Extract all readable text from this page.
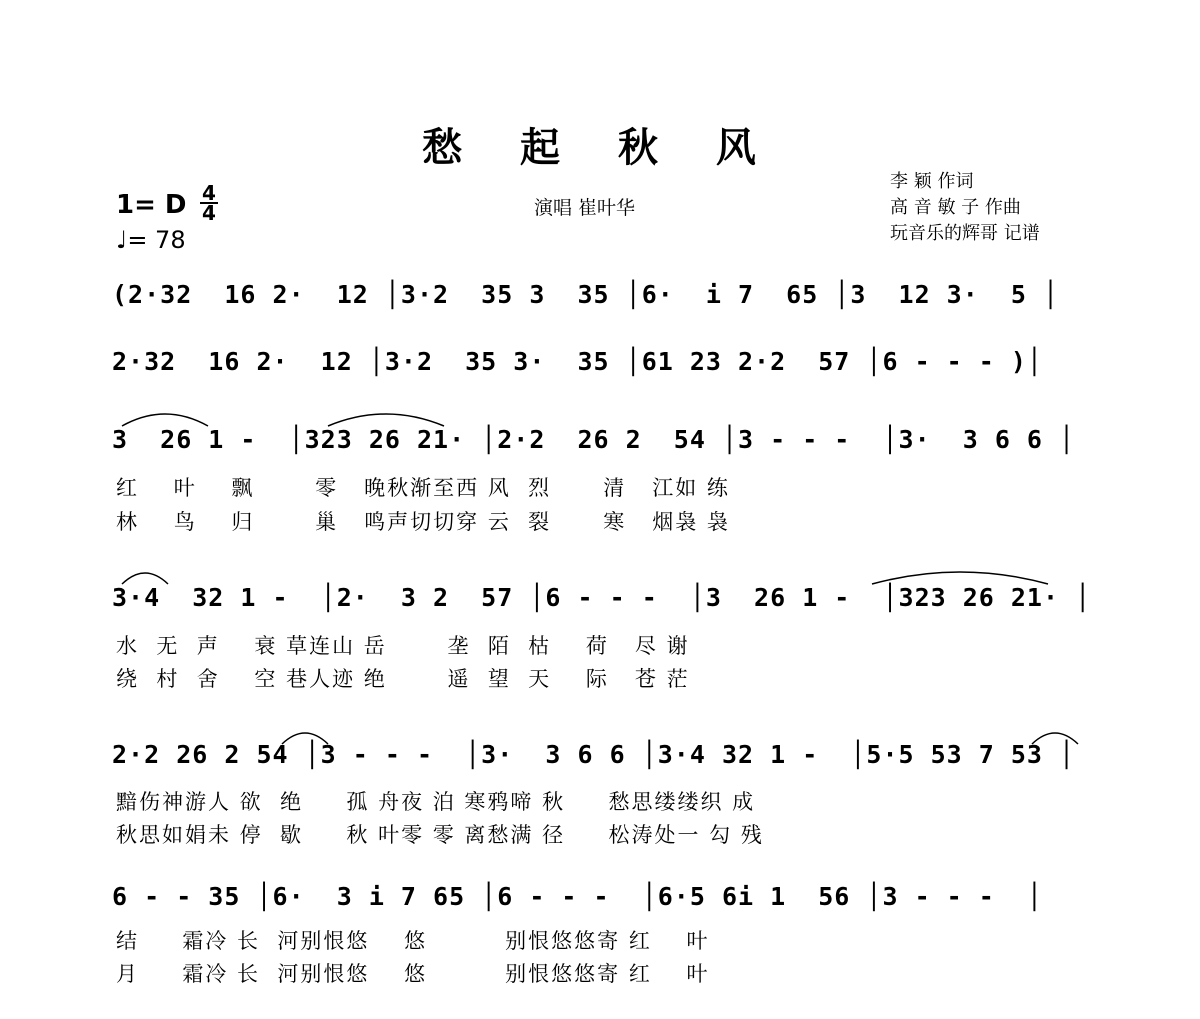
愁 起 秋 风
1= D 4
4
♩= 78
演唱 崔叶华
李 颖 作词
高 音 敏 子 作曲
玩音乐的辉哥 记谱
(2·32  16 2·  12 │3·2  35 3  35 │6·  i 7  65 │3  12 3·  5 │
2·32  16 2·  12 │3·2  35 3·  35 │61 23 2·2  57 │6 - - - )│
3  26 1 -  │323 26 21· │2·2  26 2  54 │3 - - -  │3·  3 6 6 │
红    叶    飘       零   晚秋渐至西 风  烈      清   江如 练
林    鸟    归       巢   鸣声切切穿 云  裂      寒   烟袅 袅
3·4  32 1 -  │2·  3 2  57 │6 - - -  │3  26 1 -  │323 26 21· │
水  无  声    衰 草连山 岳       垄  陌  枯    荷   尽 谢
绕  村  舍    空 巷人迹 绝       遥  望  天    际   苍 茫
2·2 26 2 54 │3 - - -  │3·  3 6 6 │3·4 32 1 -  │5·5 53 7 53 │
黯伤神游人 欲  绝     孤 舟夜 泊 寒鸦啼 秋     愁思缕缕织 成
秋思如娟未 停  歇     秋 叶零 零 离愁满 径     松涛处一 勾 残
6 - - 35 │6·  3 i 7 65 │6 - - -  │6·5 6i 1  56 │3 - - -  │
结     霜冷 长  河别恨悠    悠         别恨悠悠寄 红    叶
月     霜冷 长  河别恨悠    悠         别恨悠悠寄 红    叶
